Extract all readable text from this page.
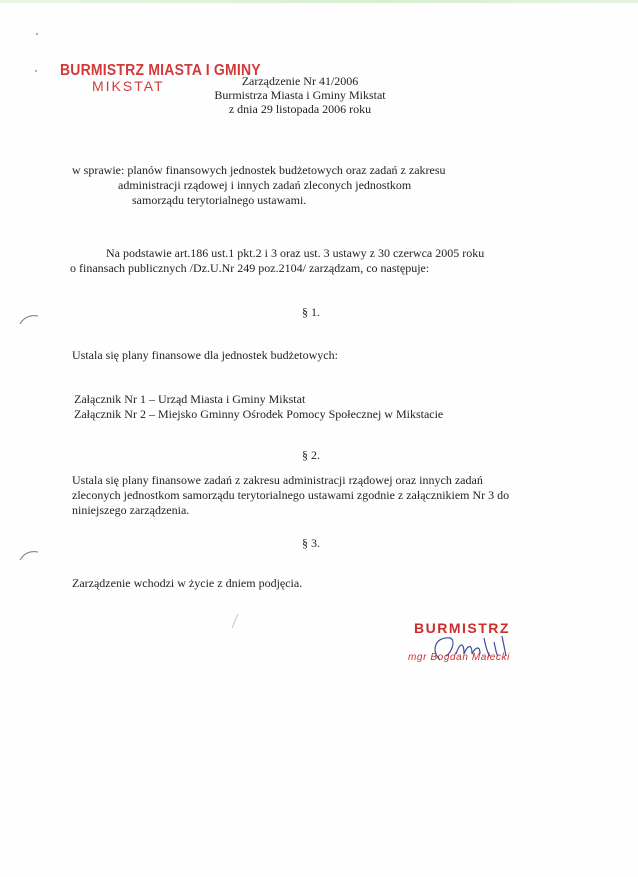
BURMISTRZ MIASTA I GMINY
MIKSTAT	Zarządzenie Nr 41/2006
Burmistrza Miasta i Gminy Mikstat
z dnia 29 listopada 2006 roku
w sprawie: planów finansowych jednostek budżetowych oraz zadań z zakresu
administracji rządowej i innych zadań zleconych jednostkom
samorządu terytorialnego ustawami.
Na podstawie art.186 ust.1 pkt.2 i 3 oraz ust. 3 ustawy z 30 czerwca 2005 roku
o finansach publicznych /Dz.U.Nr 249 poz.2104/ zarządzam, co następuje:
§ 1.
Ustala się plany finansowe dla jednostek budżetowych:
Załącznik Nr 1 – Urząd Miasta i Gminy Mikstat
Załącznik Nr 2 – Miejsko Gminny Ośrodek Pomocy Społecznej w Mikstacie
§ 2.
Ustala się plany finansowe zadań z zakresu administracji rządowej oraz innych zadań
zleconych jednostkom samorządu terytorialnego ustawami zgodnie z załącznikiem Nr 3 do
niniejszego zarządzenia.
§ 3.
Zarządzenie wchodzi w życie z dniem podjęcia.
BURMISTRZ
mgr Bogdan Małecki
